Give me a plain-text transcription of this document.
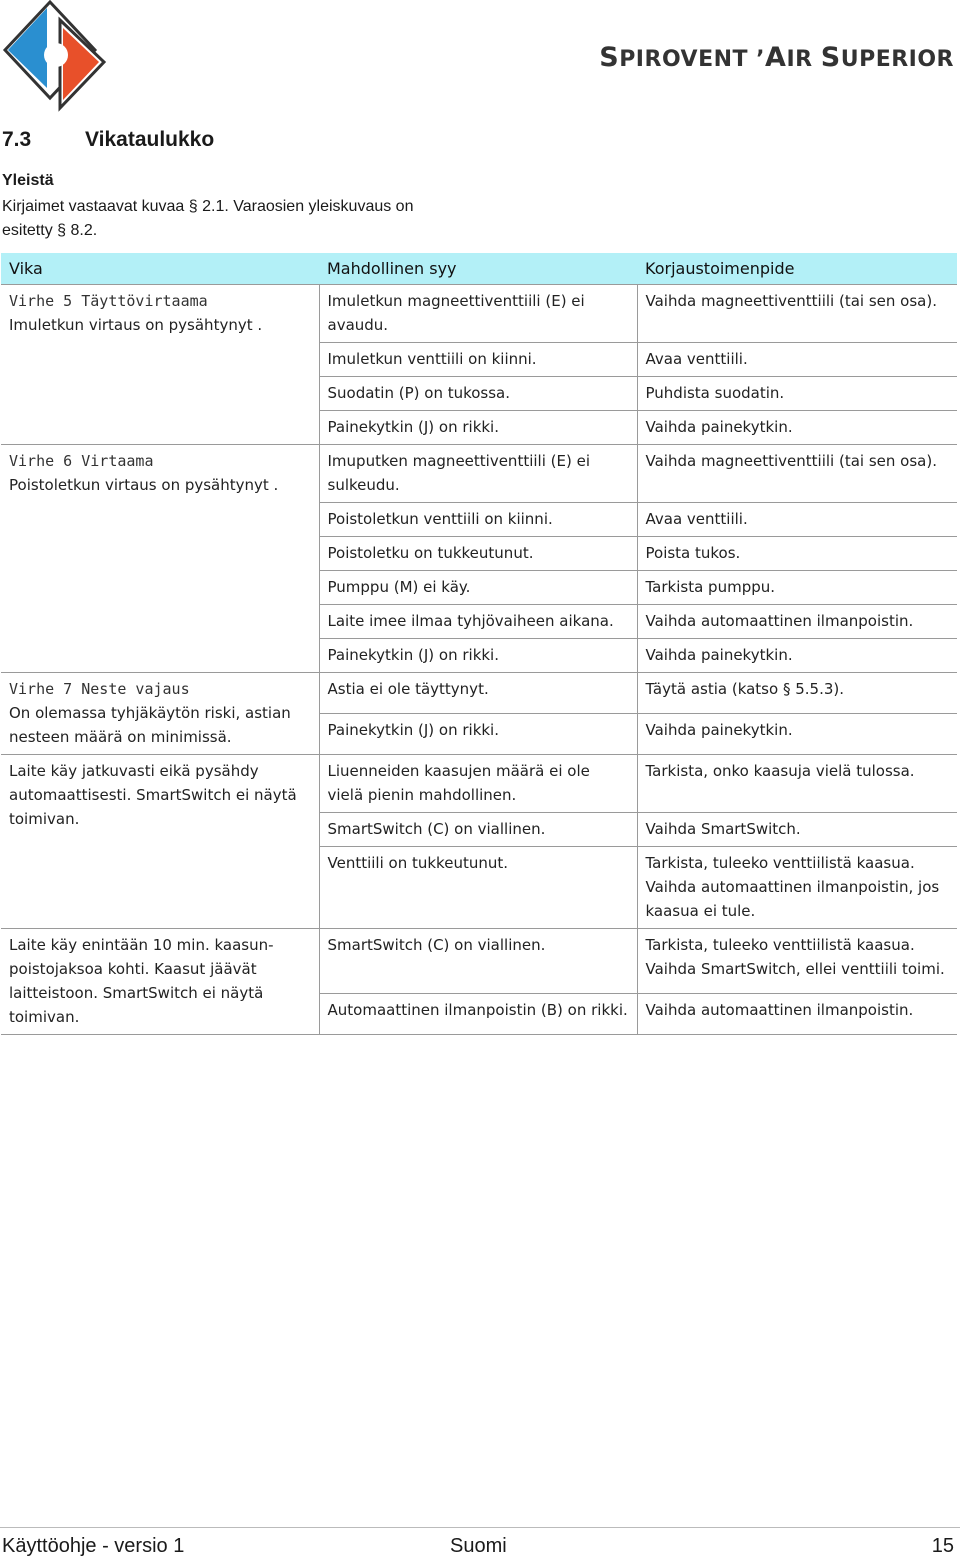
SPIROVENT ’AIR SUPERIOR
7.3	Vikataulukko
Yleistä
Kirjaimet vastaavat kuvaa § 2.1. Varaosien yleiskuvaus on
esitetty § 8.2.
Vika	Mahdollinen syy	Korjaustoimenpide

Virhe 5 Täyttövirtaama
Imuletkun virtaus on pysähtynyt .	Imuletkun magneettiventtiili (E) ei avaudu.	Vaihda magneettiventtiili (tai sen osa).
	Imuletkun venttiili on kiinni.	Avaa venttiili.
	Suodatin (P) on tukossa.	Puhdista suodatin.
	Painekytkin (J) on rikki.	Vaihda painekytkin.

Virhe 6 Virtaama
Poistoletkun virtaus on pysähtynyt .	Imuputken magneettiventtiili (E) ei sulkeudu.	Vaihda magneettiventtiili (tai sen osa).
	Poistoletkun venttiili on kiinni.	Avaa venttiili.
	Poistoletku on tukkeutunut.	Poista tukos.
	Pumppu (M) ei käy.	Tarkista pumppu.
	Laite imee ilmaa tyhjövaiheen aikana.	Vaihda automaattinen ilmanpoistin.
	Painekytkin (J) on rikki.	Vaihda painekytkin.

Virhe 7 Neste vajaus
On olemassa tyhjäkäytön riski, astian nesteen määrä on minimissä.	Astia ei ole täyttynyt.	Täytä astia (katso § 5.5.3).
	Painekytkin (J) on rikki.	Vaihda painekytkin.

Laite käy jatkuvasti eikä pysähdy automaattisesti. SmartSwitch ei näytä toimivan.	Liuenneiden kaasujen määrä ei ole vielä pienin mahdollinen.	Tarkista, onko kaasuja vielä tulossa.
	SmartSwitch (C) on viallinen.	Vaihda SmartSwitch.
	Venttiili on tukkeutunut.	Tarkista, tuleeko venttiilistä kaasua. Vaihda automaattinen ilmanpoistin, jos kaasua ei tule.

Laite käy enintään 10 min. kaasun-poistojaksoa kohti. Kaasut jäävät laitteistoon. SmartSwitch ei näytä toimivan.	SmartSwitch (C) on viallinen.	Tarkista, tuleeko venttiilistä kaasua. Vaihda SmartSwitch, ellei venttiili toimi.
	Automaattinen ilmanpoistin (B) on rikki.	Vaihda automaattinen ilmanpoistin.
Käyttöohje - versio 1	Suomi	15
